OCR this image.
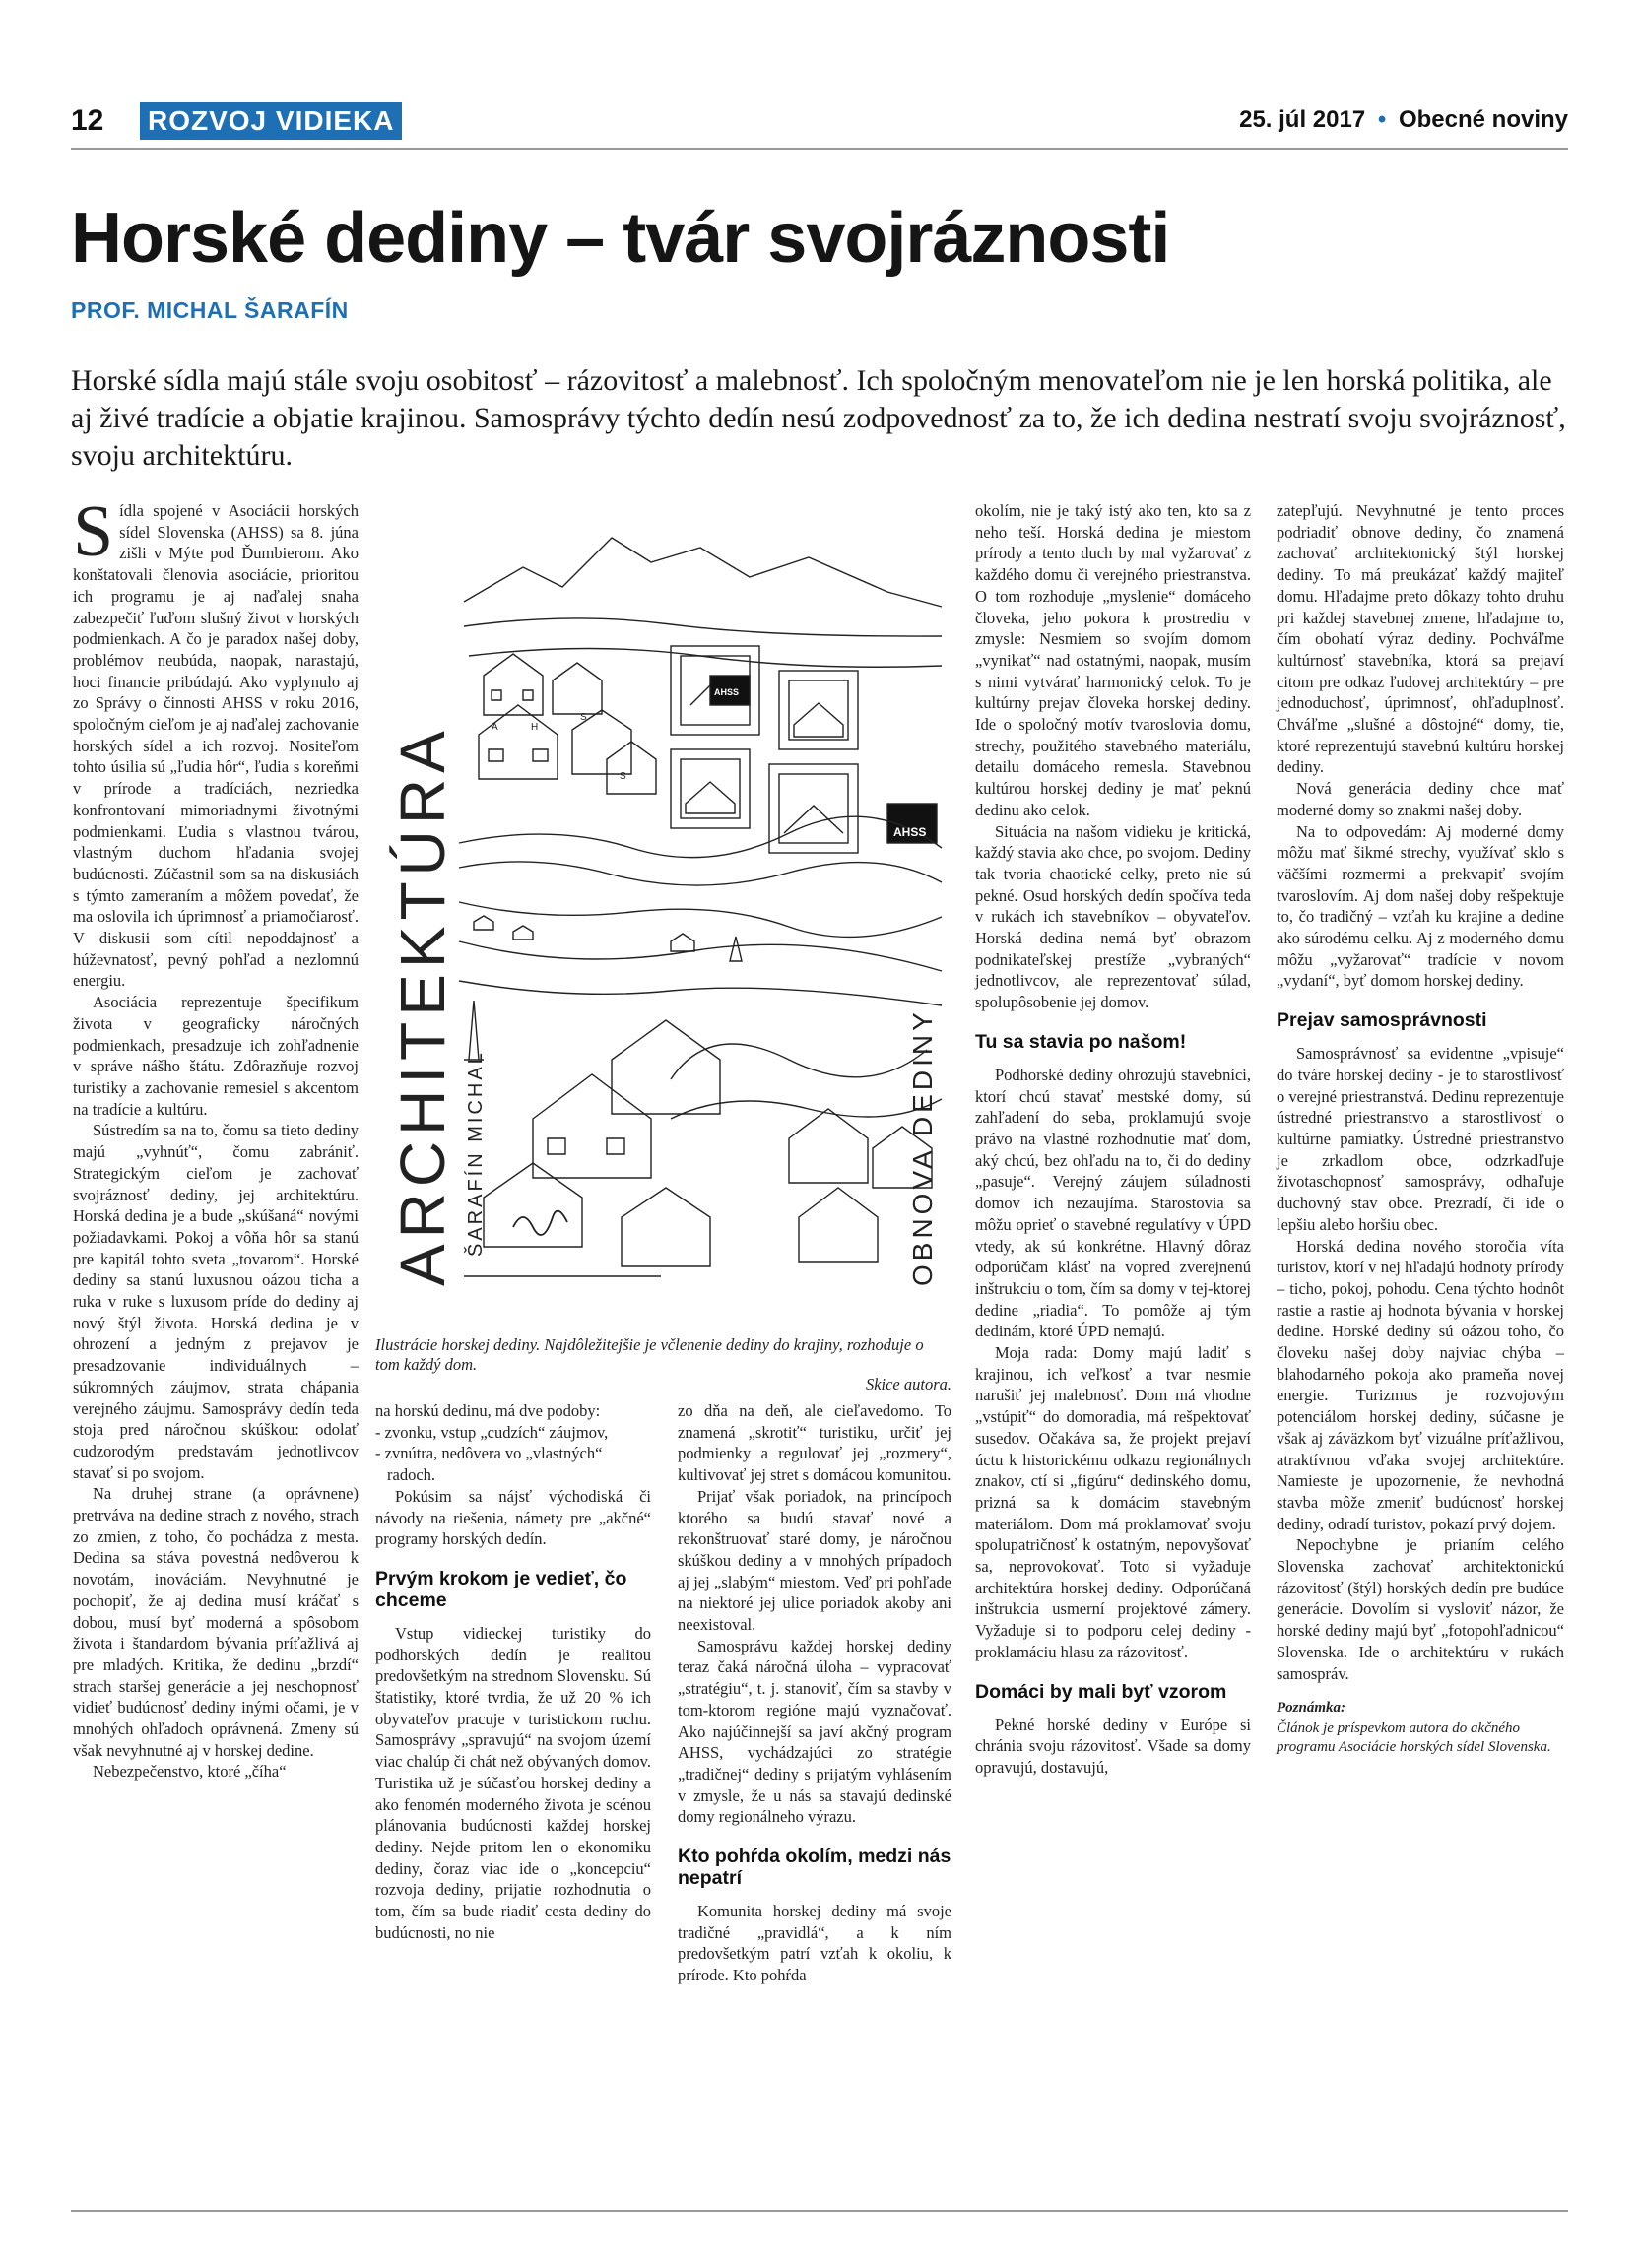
12 ROZVOJ VIDIEKA	25. júl 2017 • Obecné noviny
Horské dediny – tvár svojráznosti
PROF. MICHAL ŠARAFÍN
Horské sídla majú stále svoju osobitosť – rázovitosť a malebnosť. Ich spoločným menovateľom nie je len horská politika, ale aj živé tradície a objatie krajinou. Samosprávy týchto dedín nesú zodpovednosť za to, že ich dedina nestratí svoju svojráznosť, svoju architektúru.

Sídla spojené v Asociácii horských sídel Slovenska (AHSS) sa 8. júna zišli v Mýte pod Ďumbierom. Ako konštatovali členovia asociácie, prioritou ich programu je aj naďalej snaha zabezpečiť ľuďom slušný život v horských podmienkach. A čo je paradox našej doby, problémov neubúda, naopak, narastajú, hoci financie pribúdajú. Ako vyplynulo aj zo Správy o činnosti AHSS v roku 2016, spoločným cieľom je aj naďalej zachovanie horských sídel a ich rozvoj. Nositeľom tohto úsilia sú „ľudia hôr“, ľudia s koreňmi v prírode a tradíciách, nezriedka konfrontovaní mimoriadnymi životnými podmienkami. Ľudia s vlastnou tvárou, vlastným duchom hľadania svojej budúcnosti. Zúčastnil som sa na diskusiách s týmto zameraním a môžem povedať, že ma oslovila ich úprimnosť a priamočiarosť. V diskusii som cítil nepoddajnosť a húževnatosť, pevný pohľad a nezlomnú energiu.

Asociácia reprezentuje špecifikum života v geograficky náročných podmienkach, presadzuje ich zohľadnenie v správe nášho štátu. Zdôrazňuje rozvoj turistiky a zachovanie remesiel s akcentom na tradície a kultúru.

Sústredím sa na to, čomu sa tieto dediny majú „vyhnúť“, čomu zabrániť. Strategickým cieľom je zachovať svojráznosť dediny, jej architektúru. Horská dedina je a bude „skúšaná“ novými požiadavkami. Pokoj a vôňa hôr sa stanú pre kapitál tohto sveta „tovarom“. Horské dediny sa stanú luxusnou oázou ticha a ruka v ruke s luxusom príde do dediny aj nový štýl života. Horská dedina je v ohrození a jedným z prejavov je presadzovanie individuálnych – súkromných záujmov, strata chápania verejného záujmu. Samosprávy dedín teda stoja pred náročnou skúškou: odolať cudzorodým predstavám jednotlivcov stavať si po svojom.

Na druhej strane (a oprávnene) pretrváva na dedine strach z nového, strach zo zmien, z toho, čo pochádza z mesta. Dedina sa stáva povestná nedôverou k novotám, inováciám. Nevyhnutné je pochopiť, že aj dedina musí kráčať s dobou, musí byť moderná a spôsobom života i štandardom bývania príťažlivá aj pre mladých. Kritika, že dedinu „brzdí“ strach staršej generácie a jej neschopnosť vidieť budúcnosť dediny inými očami, je v mnohých ohľadoch oprávnená. Zmeny sú však nevyhnutné aj v horskej dedine.

Nebezpečenstvo, ktoré „číha“

ARCHITEKTÚRA ŠARAFÍN MICHAL	OBNOVA DEDINY
AHSS
AHSS
A	H
S
S
Ilustrácie horskej dediny. Najdôležitejšie je včlenenie dediny do krajiny, rozhoduje o tom každý dom.
Skice autora.

na horskú dedinu, má dve podoby:

- zvonku, vstup „cudzích“ záujmov,
- zvnútra, nedôvera vo „vlastných“ radoch.

Pokúsim sa nájsť východiská či návody na riešenia, námety pre „akčné“ programy horských dedín.

Prvým krokom je vedieť, čo chceme

Vstup vidieckej turistiky do podhorských dedín je realitou predovšetkým na strednom Slovensku. Sú štatistiky, ktoré tvrdia, že už 20 % ich obyvateľov pracuje v turistickom ruchu. Samosprávy „spravujú“ na svojom území viac chalúp či chát než obývaných domov. Turistika už je súčasťou horskej dediny a ako fenomén moderného života je scénou plánovania budúcnosti každej horskej dediny. Nejde pritom len o ekonomiku dediny, čoraz viac ide o „koncepciu“ rozvoja dediny, prijatie rozhodnutia o tom, čím sa bude riadiť cesta dediny do budúcnosti, no nie

zo dňa na deň, ale cieľavedomo. To znamená „skrotiť“ turistiku, určiť jej podmienky a regulovať jej „rozmery“, kultivovať jej stret s domácou komunitou.

Prijať však poriadok, na princípoch ktorého sa budú stavať nové a rekonštruovať staré domy, je náročnou skúškou dediny a v mnohých prípadoch aj jej „slabým“ miestom. Veď pri pohľade na niektoré jej ulice poriadok akoby ani neexistoval.

Samosprávu každej horskej dediny teraz čaká náročná úloha – vypracovať „stratégiu“, t. j. stanoviť, čím sa stavby v tom-ktorom regióne majú vyznačovať. Ako najúčinnejší sa javí akčný program AHSS, vychádzajúci zo stratégie „tradičnej“ dediny s prijatým vyhlásením v zmysle, že u nás sa stavajú dedinské domy regionálneho výrazu.

Kto pohŕda okolím, medzi nás nepatrí

Komunita horskej dediny má svoje tradičné „pravidlá“, a k ním predovšetkým patrí vzťah k okoliu, k prírode. Kto pohŕda

okolím, nie je taký istý ako ten, kto sa z neho teší. Horská dedina je miestom prírody a tento duch by mal vyžarovať z každého domu či verejného priestranstva. O tom rozhoduje „myslenie“ domáceho človeka, jeho pokora k prostrediu v zmysle: Nesmiem so svojím domom „vynikať“ nad ostatnými, naopak, musím s nimi vytvárať harmonický celok. To je kultúrny prejav človeka horskej dediny. Ide o spoločný motív tvaroslovia domu, strechy, použitého stavebného materiálu, detailu domáceho remesla. Stavebnou kultúrou horskej dediny je mať peknú dedinu ako celok.

Situácia na našom vidieku je kritická, každý stavia ako chce, po svojom. Dediny tak tvoria chaotické celky, preto nie sú pekné. Osud horských dedín spočíva teda v rukách ich stavebníkov – obyvateľov. Horská dedina nemá byť obrazom podnikateľskej prestíže „vybraných“ jednotlivcov, ale reprezentovať súlad, spolupôsobenie jej domov.

Tu sa stavia po našom!

Podhorské dediny ohrozujú stavebníci, ktorí chcú stavať mestské domy, sú zahľadení do seba, proklamujú svoje právo na vlastné rozhodnutie mať dom, aký chcú, bez ohľadu na to, či do dediny „pasuje“. Verejný záujem súladnosti domov ich nezaujíma. Starostovia sa môžu oprieť o stavebné regulatívy v ÚPD vtedy, ak sú konkrétne. Hlavný dôraz odporúčam klásť na vopred zverejnenú inštrukciu o tom, čím sa domy v tej-ktorej dedine „riadia“. To pomôže aj tým dedinám, ktoré ÚPD nemajú.

Moja rada: Domy majú ladiť s krajinou, ich veľkosť a tvar nesmie narušiť jej malebnosť. Dom má vhodne „vstúpiť“ do domoradia, má rešpektovať susedov. Očakáva sa, že projekt prejaví úctu k historickému odkazu regionálnych znakov, ctí si „figúru“ dedinského domu, prizná sa k domácim stavebným materiálom. Dom má proklamovať svoju spolupatričnosť k ostatným, nepovyšovať sa, neprovokovať. Toto si vyžaduje architektúra horskej dediny. Odporúčaná inštrukcia usmerní projektové zámery. Vyžaduje si to podporu celej dediny - proklamáciu hlasu za rázovitosť.

Domáci by mali byť vzorom

Pekné horské dediny v Európe si chránia svoju rázovitosť. Všade sa domy opravujú, dostavujú,

zatepľujú. Nevyhnutné je tento proces podriadiť obnove dediny, čo znamená zachovať architektonický štýl horskej dediny. To má preukázať každý majiteľ domu. Hľadajme preto dôkazy tohto druhu pri každej stavebnej zmene, hľadajme to, čím obohatí výraz dediny. Pochváľme kultúrnosť stavebníka, ktorá sa prejaví citom pre odkaz ľudovej architektúry – pre jednoduchosť, úprimnosť, ohľaduplnosť. Chváľme „slušné a dôstojné“ domy, tie, ktoré reprezentujú stavebnú kultúru horskej dediny.

Nová generácia dediny chce mať moderné domy so znakmi našej doby.

Na to odpovedám: Aj moderné domy môžu mať šikmé strechy, využívať sklo s väčšími rozmermi a prekvapiť svojím tvaroslovím. Aj dom našej doby rešpektuje to, čo tradičný – vzťah ku krajine a dedine ako súrodému celku. Aj z moderného domu môžu „vyžarovať“ tradície v novom „vydaní“, byť domom horskej dediny.

Prejav samosprávnosti

Samosprávnosť sa evidentne „vpisuje“ do tváre horskej dediny - je to starostlivosť o verejné priestranstvá. Dedinu reprezentuje ústredné priestranstvo a starostlivosť o kultúrne pamiatky. Ústredné priestranstvo je zrkadlom obce, odzrkadľuje životaschopnosť samosprávy, odhaľuje duchovný stav obce. Prezradí, či ide o lepšiu alebo horšiu obec.

Horská dedina nového storočia víta turistov, ktorí v nej hľadajú hodnoty prírody – ticho, pokoj, pohodu. Cena týchto hodnôt rastie a rastie aj hodnota bývania v horskej dedine. Horské dediny sú oázou toho, čo človeku našej doby najviac chýba – blahodarného pokoja ako prameňa novej energie. Turizmus je rozvojovým potenciálom horskej dediny, súčasne je však aj záväzkom byť vizuálne príťažlivou, atraktívnou vďaka svojej architektúre. Namieste je upozornenie, že nevhodná stavba môže zmeniť budúcnosť horskej dediny, odradí turistov, pokazí prvý dojem.

Nepochybne je prianím celého Slovenska zachovať architektonickú rázovitosť (štýl) horských dedín pre budúce generácie. Dovolím si vysloviť názor, že horské dediny majú byť „fotopohľadnicou“ Slovenska. Ide o architektúru v rukách samospráv.

Poznámka:

Článok je príspevkom autora do akčného programu Asociácie horských sídel Slovenska.
